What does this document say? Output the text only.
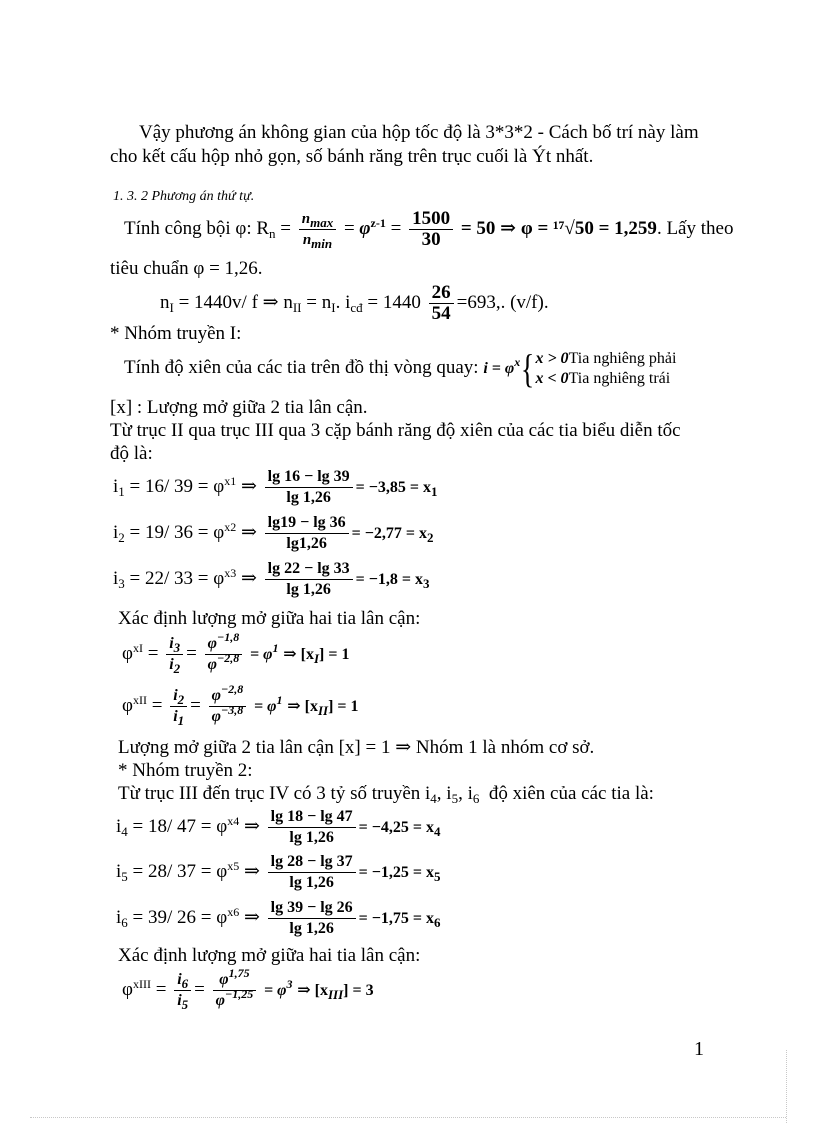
Vậy phương án không gian của hộp tốc độ là 3*3*2 - Cách bố trí này làm
cho kết cấu hộp nhỏ gọn, số bánh răng trên trục cuối là Ýt nhất.
1. 3. 2 Phương án thứ tự.
Tính công bội φ: $R_n = \frac{n_{max}}{n_{min}} = \varphi^{z-1} = \frac{1500}{30} = 50$ ⇒ φ = ¹⁷√50 = 1,259. Lấy theo
tiêu chuẩn φ = 1,26.
$n_I = 1440v/$ f ⇒ $n_{II} = n_I$. $i_{cđ} = 1440 \frac{26}{54} =693$,. (v/f).
* Nhóm truyền I:
Tính độ xiên của các tia trên đồ thị vòng quay: $i = \varphi^x\{x > 0Tia$ nghiêng phải
x < 0Tia nghiêng trái
[x] : Lượng mở giữa 2 tia lân cận.
Từ trục II qua trục III qua 3 cặp bánh răng độ xiên của các tia biểu diễn tốc
độ là:
$i_1 = 16/$ $39 = \varphi^{x1}$ ⇒ $\frac{\lg 16 - \lg 39}{\lg 1,26} = -3,85 = x_1$
$i_2 = 19/$ $36 = \varphi^{x2}$ ⇒ $\frac{\lg 19 - \lg 36}{\lg 1,26} = -2,77 = x_2$
$i_3 = 22/$ $33 = \varphi^{x3}$ ⇒ $\frac{\lg 22 - \lg 33}{\lg 1,26} = -1,8 = x_3$
Xác định lượng mở giữa hai tia lân cận:
$\varphi^{xI} = \frac{i_3}{i_2} = \frac{\varphi^{-1,8}}{\varphi^{-2,8}} = \varphi^1$ ⇒ $[x_I] = 1$
$\varphi^{xII} = \frac{i_2}{i_1} = \frac{\varphi^{-2,8}}{\varphi^{-3,8}} = \varphi^1$ ⇒ $[x_{II}] = 1$
Lượng mở giữa 2 tia lân cận [x] = 1 ⇒ Nhóm 1 là nhóm cơ sở.
* Nhóm truyền 2:
Từ trục III đến trục IV có 3 tỷ số truyền $i_4$, $i_5$, $i_6$ độ xiên của các tia là:
$i_4 = 18/$ $47 = \varphi^{x4}$ ⇒ $\frac{\lg 18 - \lg 47}{\lg 1,26} = -4,25 = x_4$
$i_5 = 28/$ $37 = \varphi^{x5}$ ⇒ $\frac{\lg 28 - \lg 37}{\lg 1,26} = -1,25 = x_5$
$i_6 = 39/$ $26 = \varphi^{x6}$ ⇒ $\frac{\lg 39 - \lg 26}{\lg 1,26} = -1,75 = x_6$
Xác định lượng mở giữa hai tia lân cận:
$\varphi^{xIII} = \frac{i_6}{i_5} = \frac{\varphi^{1,75}}{\varphi^{-1,25}} = \varphi^3$ ⇒ $[x_{III}] = 3$
1
